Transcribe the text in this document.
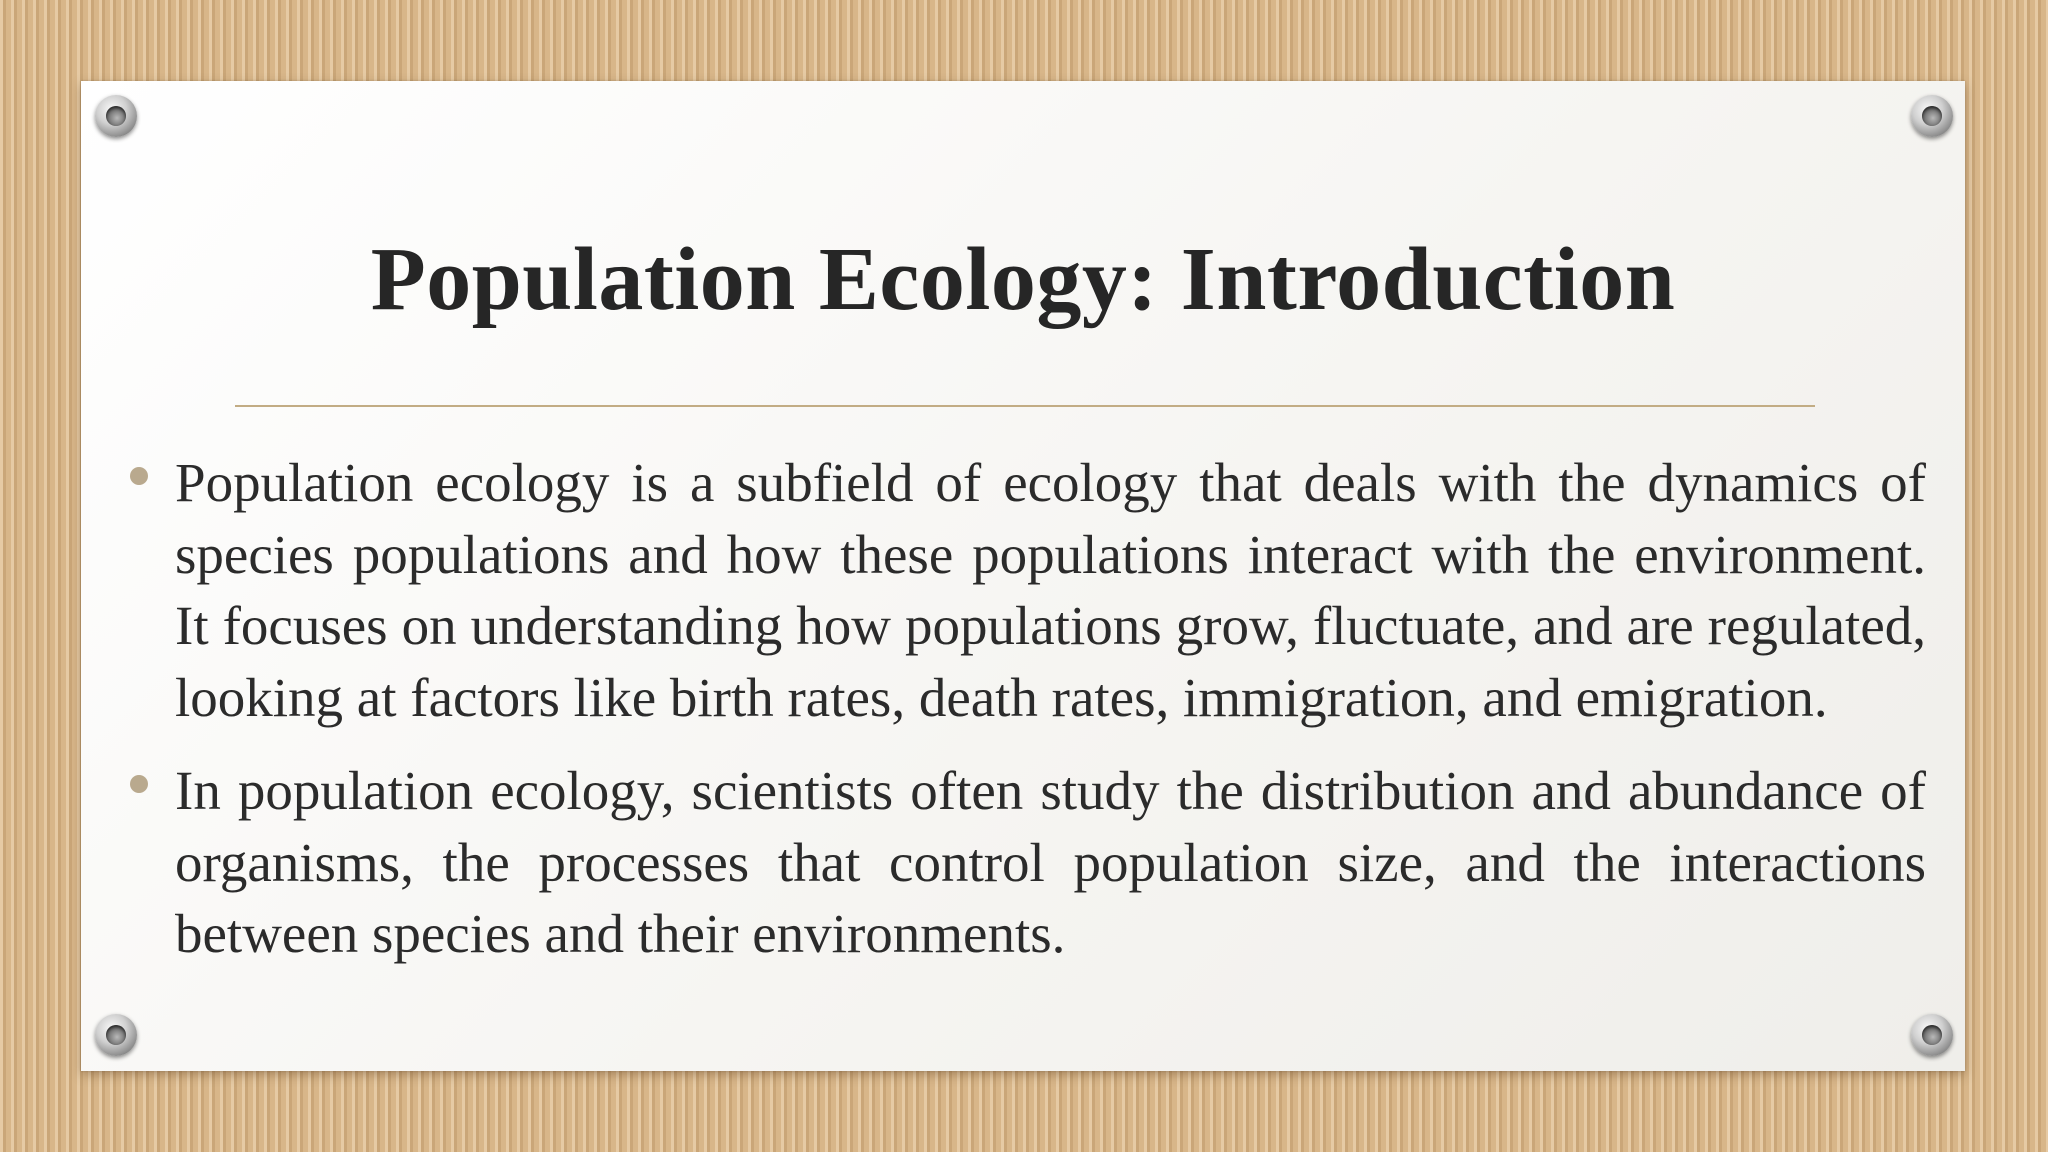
Population Ecology: Introduction
Population ecology is a subfield of ecology that deals with the dynamics of species populations and how these populations interact with the environment. It focuses on understanding how populations grow, fluctuate, and are regulated, looking at factors like birth rates, death rates, immigration, and emigration.
In population ecology, scientists often study the distribution and abundance of organisms, the processes that control population size, and the interactions between species and their environments.
